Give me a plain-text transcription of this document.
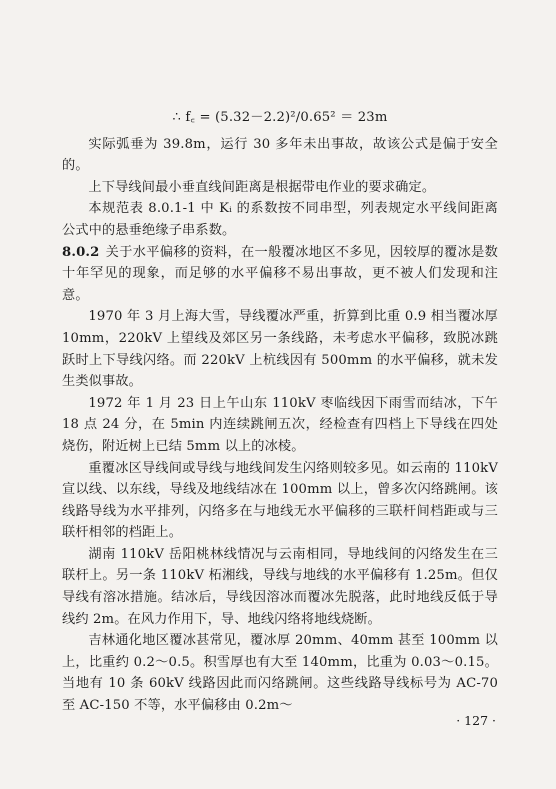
∴ f꜀ = (5.32－2.2)²/0.65² ＝ 23m

实际弧垂为 39.8m，运行 30 多年未出事故，故该公式是偏于安全的。

上下导线间最小垂直线间距离是根据带电作业的要求确定。

本规范表 8.0.1-1 中 Kᵢ 的系数按不同串型，列表规定水平线间距离公式中的悬垂绝缘子串系数。

8.0.2 关于水平偏移的资料，在一般覆冰地区不多见，因较厚的覆冰是数十年罕见的现象，而足够的水平偏移不易出事故，更不被人们发现和注意。

1970 年 3 月上海大雪，导线覆冰严重，折算到比重 0.9 相当覆冰厚 10mm，220kV 上望线及郊区另一条线路，未考虑水平偏移，致脱冰跳跃时上下导线闪络。而 220kV 上杭线因有 500mm 的水平偏移，就未发生类似事故。

1972 年 1 月 23 日上午山东 110kV 枣临线因下雨雪而结冰，下午 18 点 24 分，在 5min 内连续跳闸五次，经检查有四档上下导线在四处烧伤，附近树上已结 5mm 以上的冰棱。

重覆冰区导线间或导线与地线间发生闪络则较多见。如云南的 110kV 宣以线、以东线，导线及地线结冰在 100mm 以上，曾多次闪络跳闸。该线路导线为水平排列，闪络多在与地线无水平偏移的三联杆间档距或与三联杆相邻的档距上。

湖南 110kV 岳阳桃林线情况与云南相同，导地线间的闪络发生在三联杆上。另一条 110kV 柘湘线，导线与地线的水平偏移有 1.25m。但仅导线有溶冰措施。结冰后，导线因溶冰而覆冰先脱落，此时地线反低于导线约 2m。在风力作用下，导、地线闪络将地线烧断。

吉林通化地区覆冰甚常见，覆冰厚 20mm、40mm 甚至 100mm 以上，比重约 0.2～0.5。积雪厚也有大至 140mm，比重为 0.03～0.15。当地有 10 条 60kV 线路因此而闪络跳闸。这些线路导线标号为 AC-70 至 AC-150 不等，水平偏移由 0.2m～

· 127 ·
